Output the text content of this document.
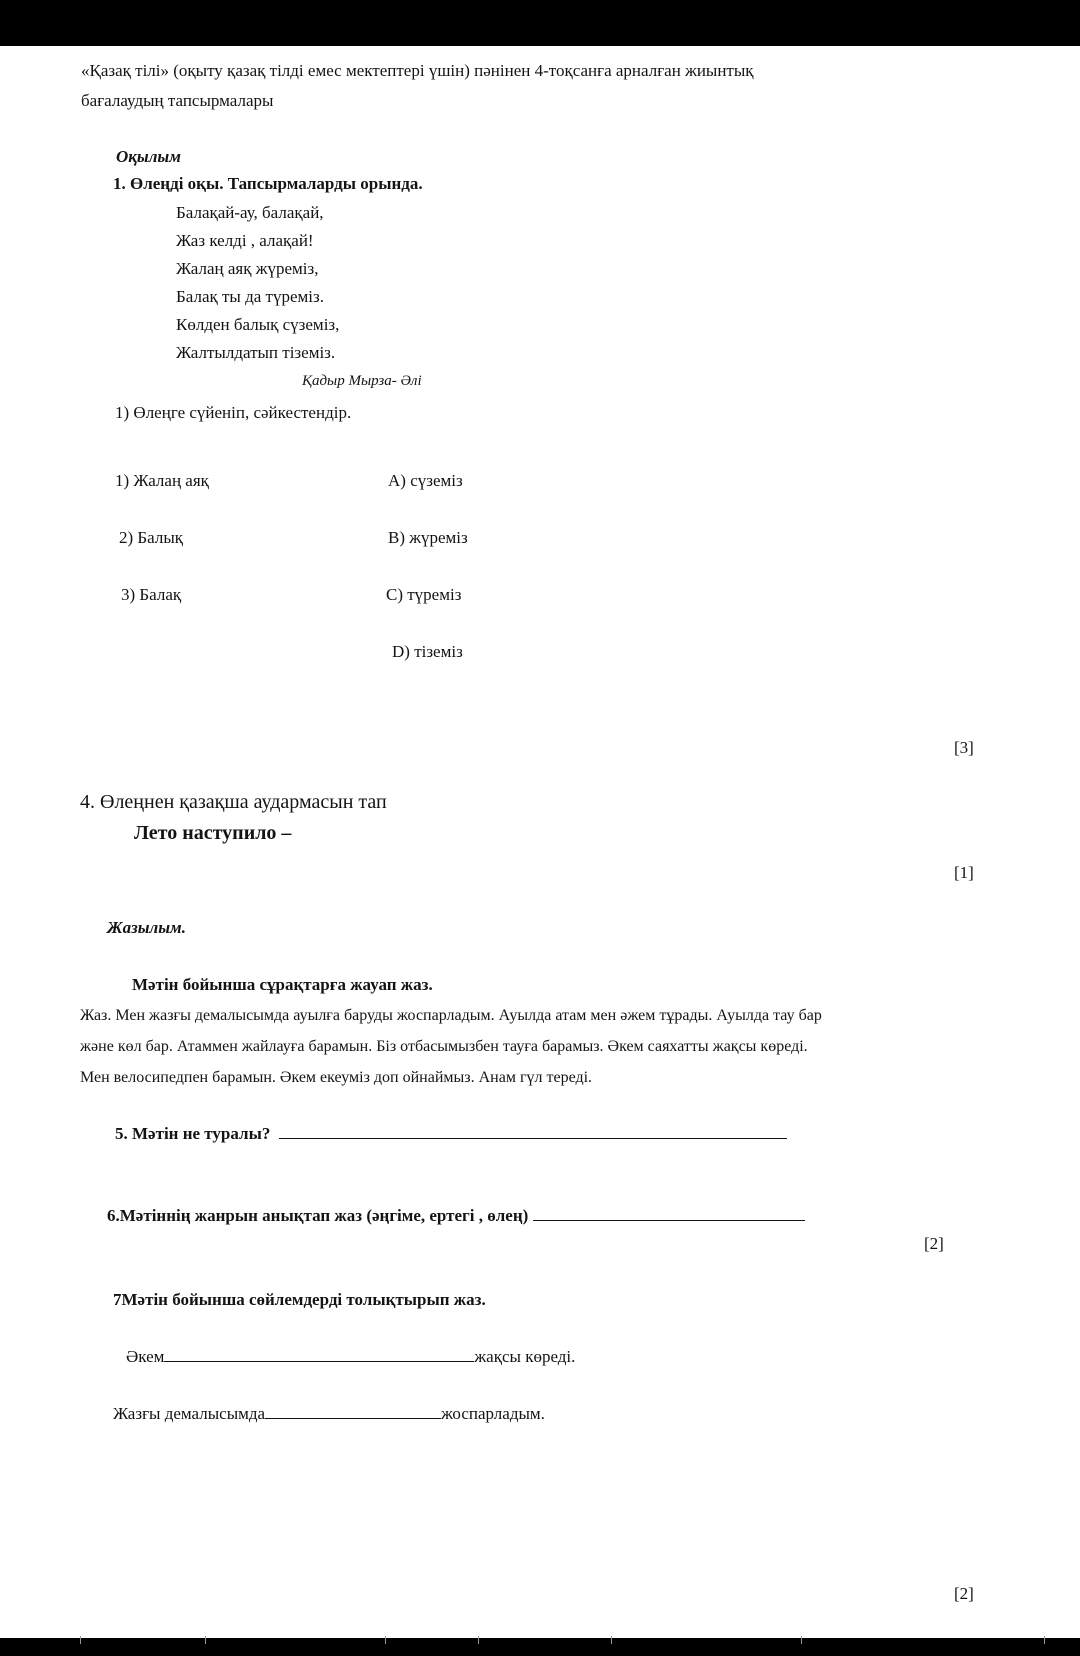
«Қазақ тілі» (оқыту қазақ тілді емес мектептері үшін) пәнінен 4-тоқсанға арналған жиынтық
бағалаудың тапсырмалары
Оқылым
1. Өлеңді оқы. Тапсырмаларды орында.
Балақай-ау, балақай,
Жаз келді , алақай!
Жалаң аяқ жүреміз,
Балақ ты да түреміз.
Көлден балық сүземіз,
Жалтылдатып тіземіз.
Қадыр Мырза- Әлі
1) Өлеңге сүйеніп, сәйкестендір.
1) Жалаң аяқ
2) Балық
3) Балақ
А) сүземіз
В) жүреміз
С) түреміз
D) тіземіз
[3]
4. Өлеңнен қазақша аудармасын тап
Лето наступило –
[1]
Жазылым.
Мәтін бойынша сұрақтарға жауап жаз.
Жаз. Мен жазғы демалысымда ауылға баруды жоспарладым. Ауылда атам мен әжем тұрады. Ауылда тау бар
және көл бар. Атаммен жайлауға барамын. Біз отбасымызбен тауға барамыз. Әкем саяхатты жақсы көреді.
Мен велосипедпен барамын. Әкем екеуміз доп ойнаймыз. Анам гүл тереді.
5. Мәтін не туралы?
6.Мәтіннің жанрын анықтап жаз (әңгіме, ертегі , өлең)
[2]
7Мәтін бойынша сөйлемдерді толықтырып жаз.
Әкем	жақсы көреді.
Жазғы демалысымда	жоспарладым.
[2]
